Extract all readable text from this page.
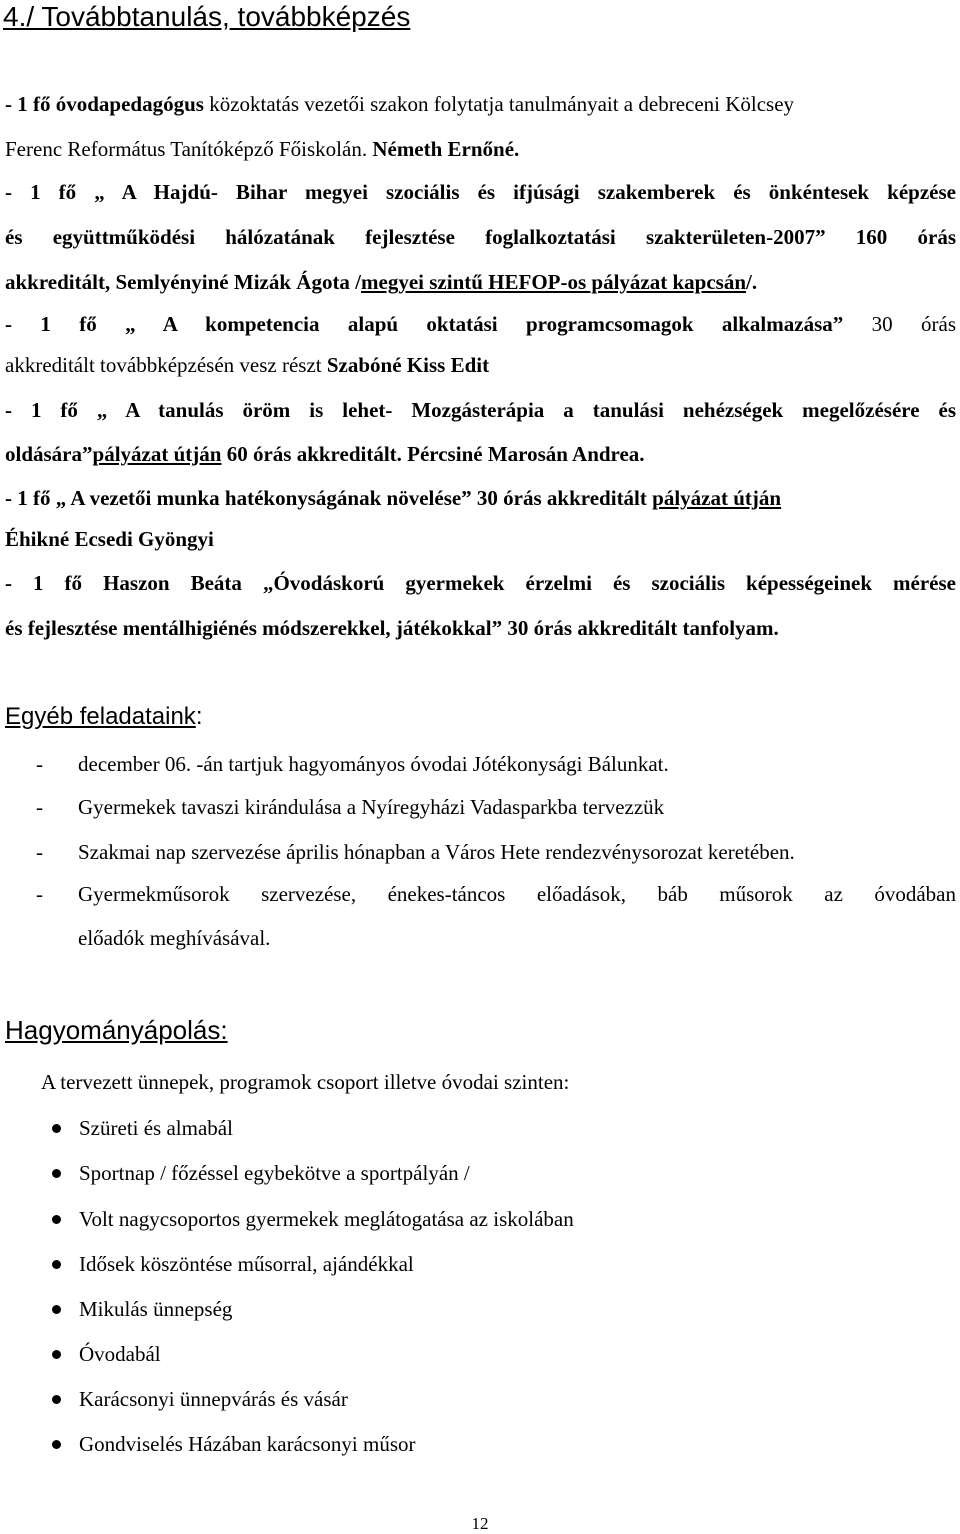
4./ Továbbtanulás, továbbképzés
- 1 fő óvodapedagógus közoktatás vezetői szakon folytatja tanulmányait a debreceni Kölcsey
Ferenc Református Tanítóképző Főiskolán. Németh Ernőné.
- 1 fő „ A Hajdú- Bihar megyei szociális és ifjúsági szakemberek és önkéntesek képzése
és együttműködési hálózatának fejlesztése foglalkoztatási szakterületen-2007” 160 órás
akkreditált, Semlyényiné Mizák Ágota /megyei szintű HEFOP-os pályázat kapcsán/.
- 1 fő „ A kompetencia alapú oktatási programcsomagok alkalmazása” 30 órás
akkreditált továbbképzésén vesz részt Szabóné Kiss Edit
- 1 fő „ A tanulás öröm is lehet- Mozgásterápia a tanulási nehézségek megelőzésére és
oldására”pályázat útján 60 órás akkreditált. Pércsiné Marosán Andrea.
- 1 fő „ A vezetői munka hatékonyságának növelése” 30 órás akkreditált pályázat útján
Éhikné Ecsedi Gyöngyi
- 1 fő Haszon Beáta „Óvodáskorú gyermekek érzelmi és szociális képességeinek mérése
és fejlesztése mentálhigiénés módszerekkel, játékokkal” 30 órás akkreditált tanfolyam.
Egyéb feladataink:
- december 06. -án tartjuk hagyományos óvodai Jótékonysági Bálunkat.
- Gyermekek tavaszi kirándulása a Nyíregyházi Vadasparkba tervezzük
- Szakmai nap szervezése április hónapban a Város Hete rendezvénysorozat keretében.
- Gyermekműsorok szervezése, énekes-táncos előadások, báb műsorok az óvodában
előadók meghívásával.
Hagyományápolás:
A tervezett ünnepek, programok csoport illetve óvodai szinten:
Szüreti és almabál
Sportnap / főzéssel egybekötve a sportpályán /
Volt nagycsoportos gyermekek meglátogatása az iskolában
Idősek köszöntése műsorral, ajándékkal
Mikulás ünnepség
Óvodabál
Karácsonyi ünnepvárás és vásár
Gondviselés Házában karácsonyi műsor
12
